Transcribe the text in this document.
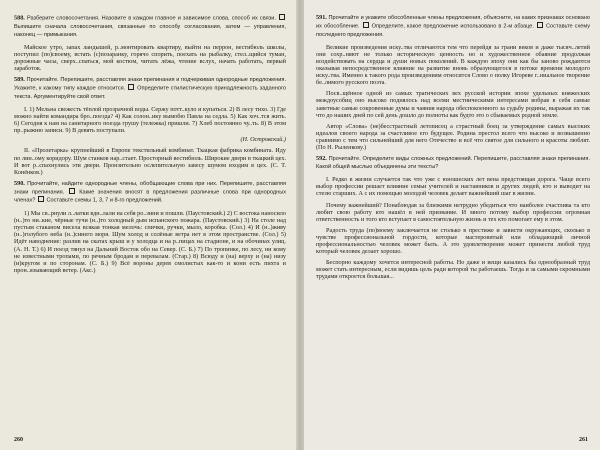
588. Разберите словосочетания. Назовите в каждом главное и зависимое слова, способ их связи.  Выпишите сначала словосочетания, связанные по способу согласования, затем — управления, наконец — примыкания.

Майское утро, запах ландышей, р..монтировать квартиру, выйти на перрон, вестибюль школы, поступил (по)своему, встать (с)позаранку, горячо спорить, поехать на рыбалку, стел..щийся туман, дорожные часы, сверх..спаться, мой костюм, читать лёжа, чтение вслух, начать работать, первый заработок.

589. Прочитайте. Перепишите, расставляя знаки препинания и подчеркивая однородные предложения. Укажите, к какому типу каждое относится. Определите стилистическую принадлежность заданного текста. Аргументируйте свой ответ.

I. 1) Мельна свежесть тёплой прозрачной воды. Сержу потт..куло и купаться. 2) В лесу тихо. 3) Где можно найти командира бро..поезда? 4) Как солон..ику вымобю Павла на седла. 5) Как хоч..тся жить. 6) Сегодня к нам на санитарного поезда грушу (тележка) пришли. 7) Хлеб постоянно чу..ть. 8) В этом пр..рыжню записи. 9) В девять поступали.

(Н. Островский.)

II. «Пролетарка» крупнейший в Европе текстильный комбинат. Ткацкая фабрика комбината. Иду по лин..ому коридору. Шум станков нар..стает. Просторный вестибюль. Широкие двери в ткацкий цех. И вот р..спахнулись эти двери. Пронзительно ослепительную завесу шумом входим в цех. (С. Т. Конёнков.)

590. Прочитайте, найдите однородные члены, обобщающие слова при них. Перепишите, расставляя знаки препинания.	Какие значения вносят в предложения различные слова при однородных членах? Составьте схемы 1, 3, 7 и 8-го предложений.

1) Мы св..рнули л..латки вдн..лали на себя ро..зини и пошли. (Паустовский.) 2) С востока наносило (н..)то ни..кие, чёрные тучи (н..)то холодный дым испанского пожара. (Паустовский.) 3) На столе над пустым стаканом висела всякая тонкая мелочь: спички, ручки, мыло, коробка. (Сол.) 4) И (н..)живу (н..)голубого неба (н..)синего моря. Шум холод и солёные ветра нет в этом пространстве. (Сол.) 5) Идёт наводнение: разлив на скатах крыш и у холодца и на р..пицах на стадионе, и на обочинах улиц. (А. Н. Т.) 6) И поезд тянул на Дальний Восток обо на Север. (С. Б.) 7) По тропинке, по лесу, ни кому не известными тропами, по речным бродам и перевалам. (Стар.) 8) Всюду и (на) верху и (на) низу (и)кругом и по сторонам. (С. Б.) 9) Всё вороны дерев смолистых как-то и кони есть пихта и прон..язывающий ветер. (Акс.)

260

591. Прочитайте и укажите обособленные члены предложения, объясните, на каких признаках основано их обособление. Определите, какое предложение использовано в 2-м абзаце. Составьте схему последнего предложения.

Великие произведения иску..тва отличаются тем что перейдя за грани веков и даже тысяч..летий они сохр..няют не только историческую ценность но и художественное обаяние продолжая воздействовать на сердца и души новых поколений. В каждую эпоху они как бы заново рождаются оказывая непосредственное влияние на развитие вновь образующегося в потоке времени молодого иску..тва. Именно к такого рода произведениям относится Слово о полку Игореве г..ниальное творение бе..лимого русского поэта.

Посв..щённое одной из самых трагических вех русской истории эпохе удельных княжеских междоусобиц оно высоко поднялось над всеми местническими интересами вобрав в себя самые заветные самые сокровенные думы и чаяния народа обеспокоенного за судьбу родины, выражая их так что до наших дней по сей день дошло до полноты как будто это о сбываемых родной земле.

Автор «Слова» (не)бесстрастный летописец а страстный боец за утверждение самых высоких идеалов своего народа за счастливое его будущее. Родина престол всего что высоко и возвышенно сравнимо с тем что сильнейший для него Отечество и всё что святое для сильного и красоты люблят. (По Н. Рыленкову.)

592. Прочитайте. Определите виды сложных предложений. Перепишите, расставляя знаки препинания. Какой общей мыслью объединены эти тексты?

I. Редко в жизни случается так что уже с юношеских лет вена предстоящая дорога. Чаще всего выбор профессии решает влияние семьи учителей и наставников и других людей, кто и выводит на стезю старших. А с их помощью молодой человек делает важнейший шаг в жизни.

Почему важнейший? Понаблюдав за близкими нетрудно убедиться что наиболее счастлива та кто любит свою работу кто нашёл в ней призвание. И много потому выбор профессии огромная ответственность и того кто вступает в самостоятельную жизнь и тех кто помогает ему в этом.

Радость труда (по)моему заключается не столько в престиже и зависти окружающих, сколько в чувстве профессиональной гордости, которые мастеровитый или обладающий личной профессиональностью человек может быть. А это удовлетворение может принести любой труд который человек делает хорошо.

Беспорно каждому хочется интересной работы. Но даже и вещи казались бы однообразный труд может стать интересным, если видишь цель ради которой ты работаешь. Тогда и за самыми скромными трудами откроется большая...

261
